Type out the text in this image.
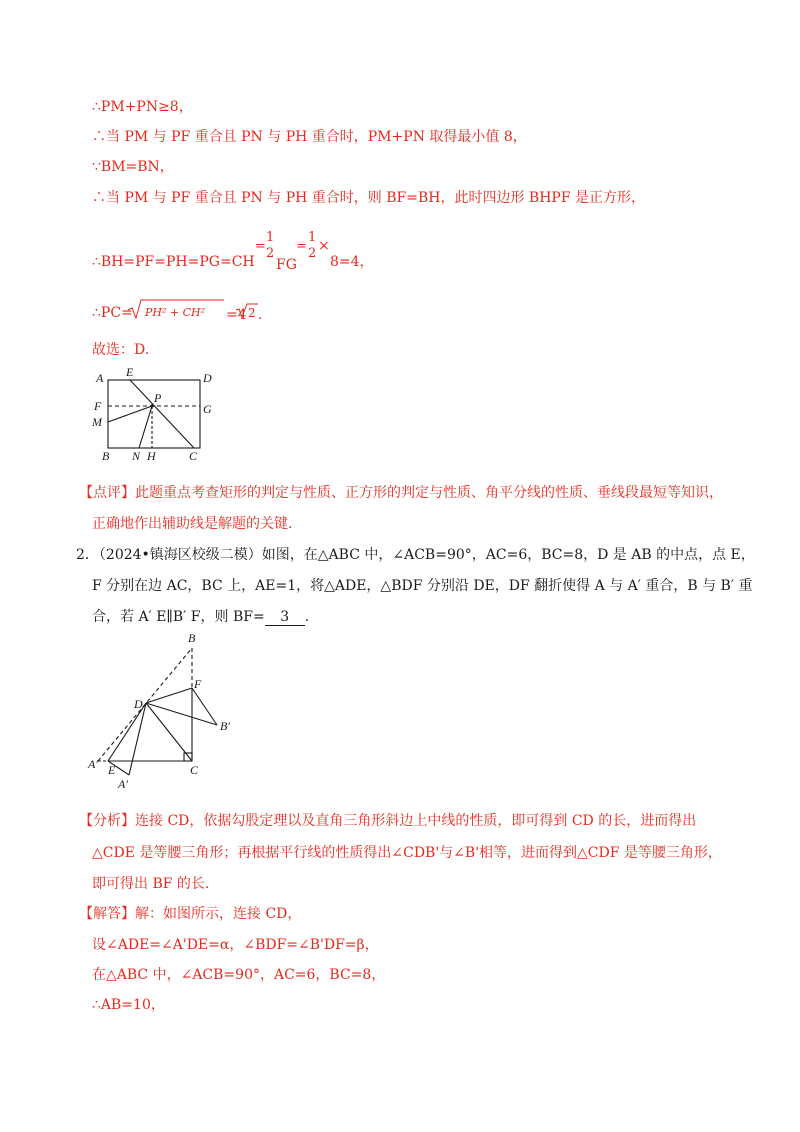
∴PM+PN≥8，
∴当 PM 与 PF 重合且 PN 与 PH 重合时，PM+PN 取得最小值 8，
∵BM=BN，
∴当 PM 与 PF 重合且 PN 与 PH 重合时，则 BF=BH，此时四边形 BHPF 是正方形，
∴BH=PF=PH=PG=CH
=
1
2
FG
=
1
2 ×
8=4，
∴PC= PH² + CH² =4 2 .
故选：D.
A E	D
F
P
G
M
B N H	C
【点评】此题重点考查矩形的判定与性质、正方形的判定与性质、角平分线的性质、垂线段最短等知识，
正确地作出辅助线是解题的关键.
2．（2024•镇海区校级二模）如图，在△ABC 中，∠ACB=90°，AC=6，BC=8，D 是 AB 的中点，点 E，
F 分别在边 AC，BC 上，AE=1，将△ADE，△BDF 分别沿 DE，DF 翻折使得 A 与 A′ 重合，B 与 B′ 重
合，若 A′ E∥B′ F，则 BF= 3 .
B
F
D
B′
A′ E
A′
C
【分析】连接 CD，依据勾股定理以及直角三角形斜边上中线的性质，即可得到 CD 的长，进而得出
△CDE 是等腰三角形；再根据平行线的性质得出∠CDB'与∠B'相等，进而得到△CDF 是等腰三角形，
即可得出 BF 的长.
【解答】解：如图所示，连接 CD，
设∠ADE=∠A'DE=α，∠BDF=∠B'DF=β，
在△ABC 中，∠ACB=90°，AC=6，BC=8，
∴AB=10，
